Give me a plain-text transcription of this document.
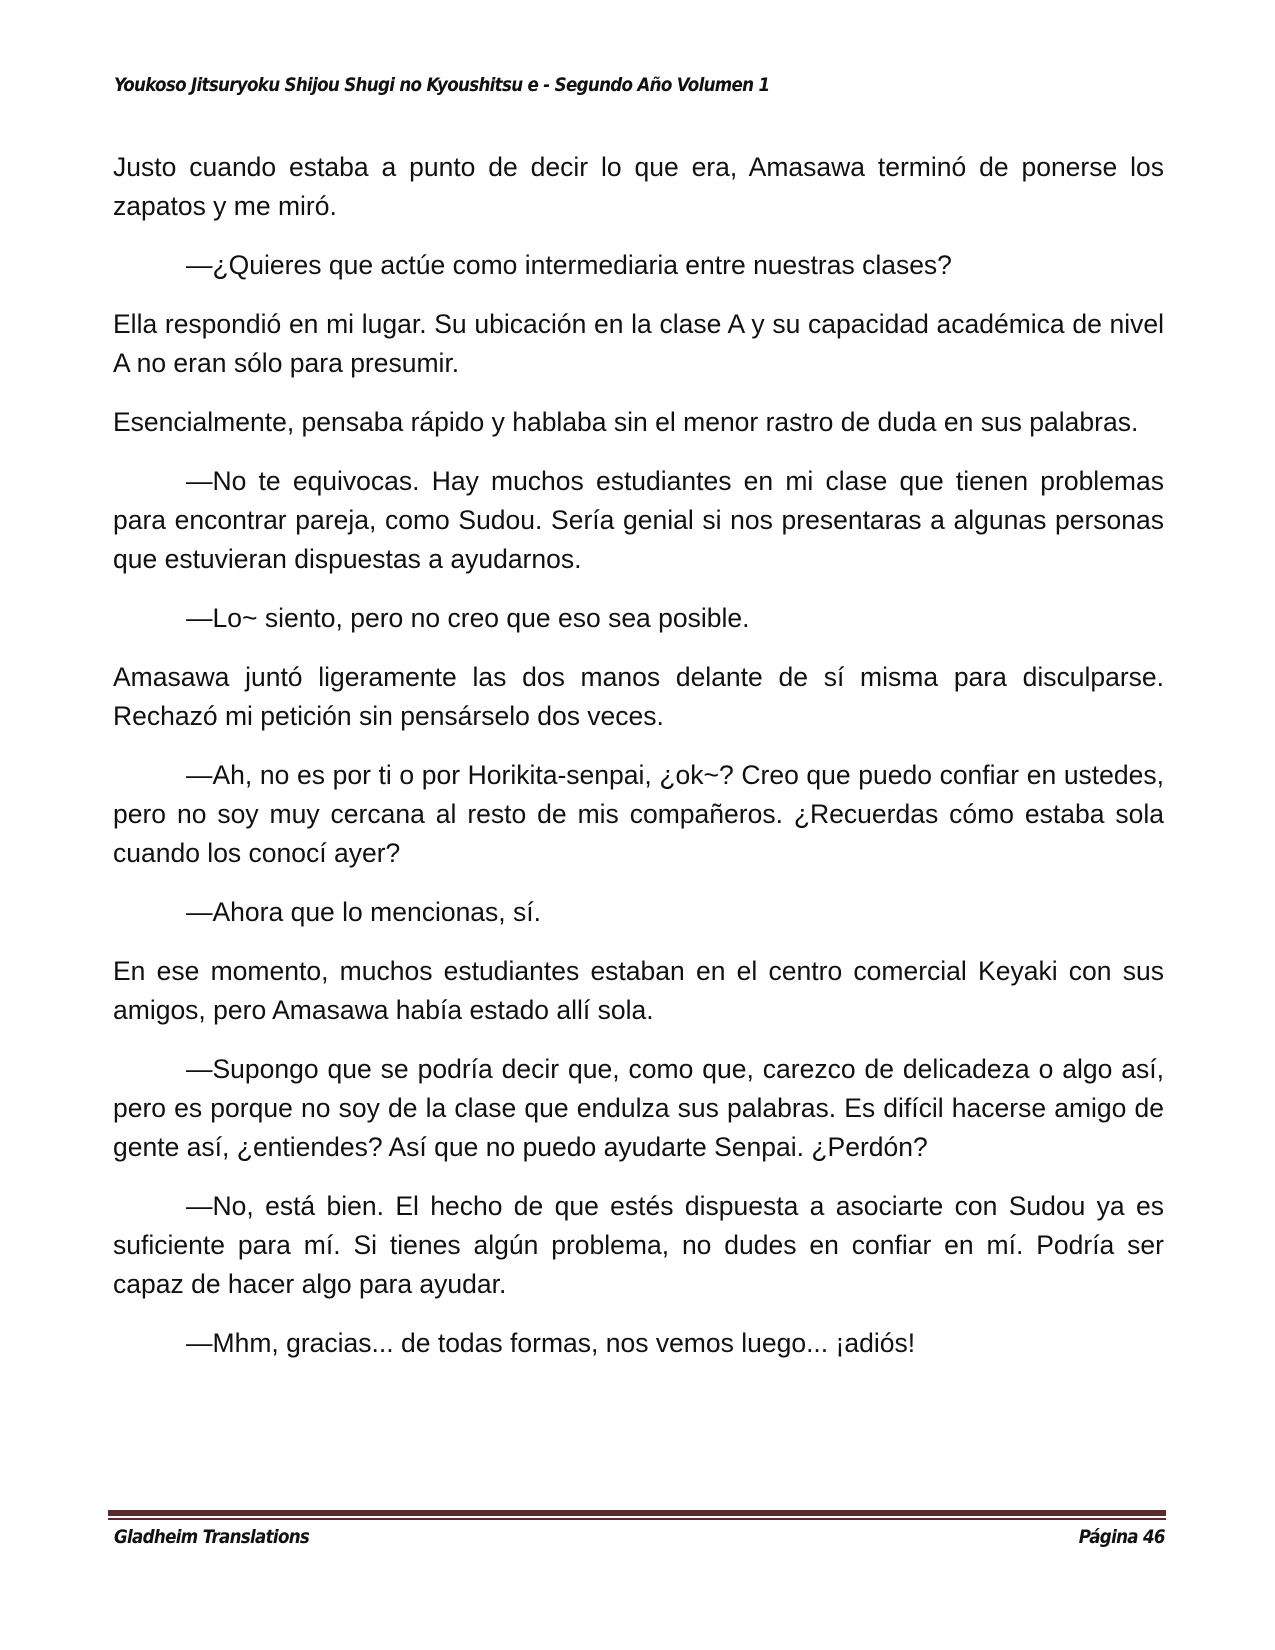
Youkoso Jitsuryoku Shijou Shugi no Kyoushitsu e - Segundo Año Volumen 1

Justo cuando estaba a punto de decir lo que era, Amasawa terminó de ponerse los zapatos y me miró.

—¿Quieres que actúe como intermediaria entre nuestras clases?

Ella respondió en mi lugar. Su ubicación en la clase A y su capacidad académica de nivel A no eran sólo para presumir.

Esencialmente, pensaba rápido y hablaba sin el menor rastro de duda en sus palabras.

—No te equivocas. Hay muchos estudiantes en mi clase que tienen problemas para encontrar pareja, como Sudou. Sería genial si nos presentaras a algunas personas que estuvieran dispuestas a ayudarnos.

—Lo~ siento, pero no creo que eso sea posible.

Amasawa juntó ligeramente las dos manos delante de sí misma para disculparse. Rechazó mi petición sin pensárselo dos veces.

—Ah, no es por ti o por Horikita-senpai, ¿ok~? Creo que puedo confiar en ustedes, pero no soy muy cercana al resto de mis compañeros. ¿Recuerdas cómo estaba sola cuando los conocí ayer?

—Ahora que lo mencionas, sí.

En ese momento, muchos estudiantes estaban en el centro comercial Keyaki con sus amigos, pero Amasawa había estado allí sola.

—Supongo que se podría decir que, como que, carezco de delicadeza o algo así, pero es porque no soy de la clase que endulza sus palabras. Es difícil hacerse amigo de gente así, ¿entiendes? Así que no puedo ayudarte Senpai. ¿Perdón?

—No, está bien. El hecho de que estés dispuesta a asociarte con Sudou ya es suficiente para mí. Si tienes algún problema, no dudes en confiar en mí. Podría ser capaz de hacer algo para ayudar.

—Mhm, gracias... de todas formas, nos vemos luego... ¡adiós!

Gladheim Translations	Página 46
